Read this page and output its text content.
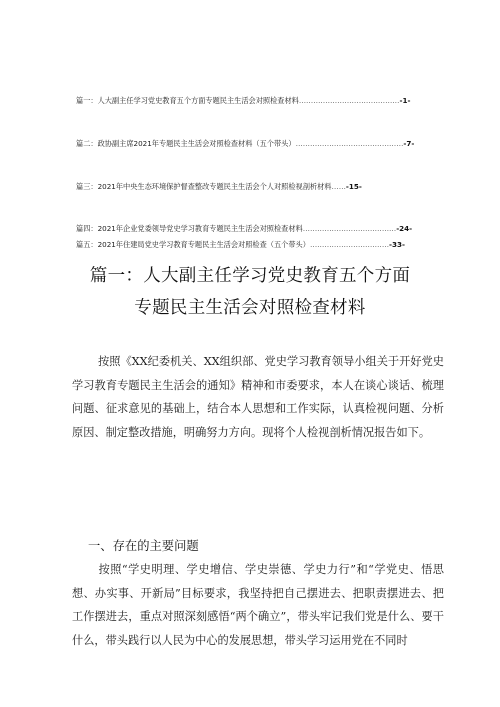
篇一：人大副主任学习党史教育五个方面专题民主生活会对照检查材料……………………………………-1-
篇二：政协副主席2021年专题民主生活会对照检查材料（五个带头）………………………………………-7-
篇三：2021年中央生态环境保护督查整改专题民主生活会个人对照检视剖析材料……-15-
篇四：2021年企业党委领导党史学习教育专题民主生活会对照检查材料…………………………………-24-
篇五：2021年住建局党史学习教育专题民主生活会对照检查（五个带头）……………………………-33-
篇一：人大副主任学习党史教育五个方面
专题民主生活会对照检查材料
按照《XX纪委机关、XX组织部、党史学习教育领导小组关于开好党史学习教育专题民主生活会的通知》精神和市委要求，本人在谈心谈话、梳理问题、征求意见的基础上，结合本人思想和工作实际，认真检视问题、分析原因、制定整改措施，明确努力方向。现将个人检视剖析情况报告如下。
一、存在的主要问题
按照“学史明理、学史增信、学史崇德、学史力行”和“学党史、悟思想、办实事、开新局”目标要求，我坚持把自己摆进去、把职责摆进去、把工作摆进去，重点对照深刻感悟“两个确立”，带头牢记我们党是什么、要干什么，带头践行以人民为中心的发展思想，带头学习运用党在不同时
